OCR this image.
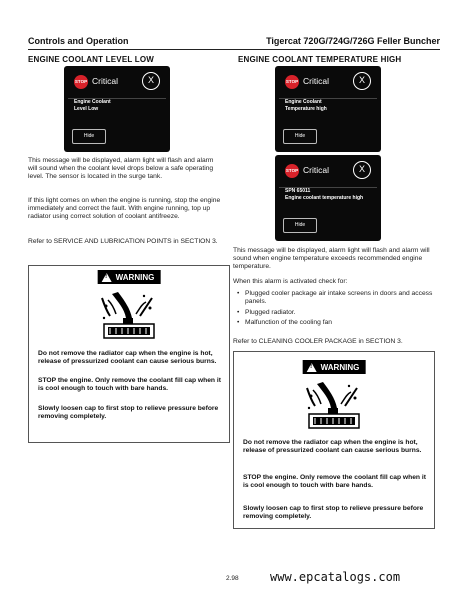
Controls and Operation	Tigercat 720G/724G/726G Feller Buncher
ENGINE COOLANT LEVEL LOW
STOP Critical	X
Engine Coolant
Level Low
Hide
This message will be displayed, alarm light will flash and alarm will sound when the coolant level drops below a safe operating level. The sensor is located in the surge tank.
If this light comes on when the engine is running, stop the engine immediately and correct the fault. With engine running, top up radiator using correct solution of coolant antifreeze.
Refer to SERVICE AND LUBRICATION POINTS in SECTION 3.
! WARNING
Do not remove the radiator cap when the engine is hot, release of pressurized coolant can cause serious burns.
STOP the engine. Only remove the coolant fill cap when it is cool enough to touch with bare hands.
Slowly loosen cap to first stop to relieve pressure before removing completely.
ENGINE COOLANT TEMPERATURE HIGH
STOP Critical	X
Engine Coolant
Temperature high
Hide
STOP Critical	X
SPN 65011
Engine coolant temperature high
Hide
This message will be displayed, alarm light will flash and alarm will sound when engine temperature exceeds recommended engine temperature.
When this alarm is activated check for:
• Plugged cooler package air intake screens in doors and access panels.
• Plugged radiator.
• Malfunction of the cooling fan
Refer to CLEANING COOLER PACKAGE in SECTION 3.
! WARNING
Do not remove the radiator cap when the engine is hot, release of pressurized coolant can cause serious burns.
STOP the engine. Only remove the coolant fill cap when it is cool enough to touch with bare hands.
Slowly loosen cap to first stop to relieve pressure before removing completely.
2.98	www.epcatalogs.com
